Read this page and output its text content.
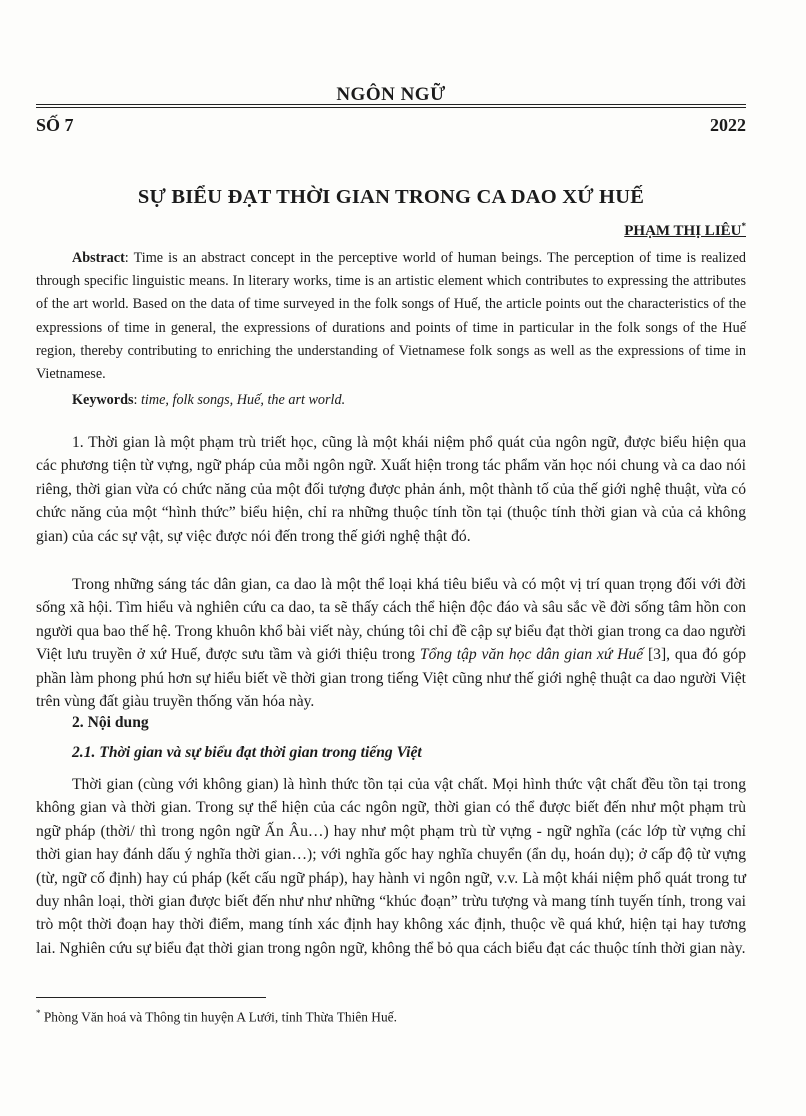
NGÔN NGỮ
SỐ 7	2022
SỰ BIỂU ĐẠT THỜI GIAN TRONG CA DAO XỨ HUẾ
PHẠM THỊ LIÊU*

Abstract: Time is an abstract concept in the perceptive world of human beings. The perception of time is realized through specific linguistic means. In literary works, time is an artistic element which contributes to expressing the attributes of the art world. Based on the data of time surveyed in the folk songs of Huế, the article points out the characteristics of the expressions of time in general, the expressions of durations and points of time in particular in the folk songs of the Huế region, thereby contributing to enriching the understanding of Vietnamese folk songs as well as the expressions of time in Vietnamese.

Keywords: time, folk songs, Huế, the art world.

1. Thời gian là một phạm trù triết học, cũng là một khái niệm phổ quát của ngôn ngữ, được biểu hiện qua các phương tiện từ vựng, ngữ pháp của mỗi ngôn ngữ. Xuất hiện trong tác phẩm văn học nói chung và ca dao nói riêng, thời gian vừa có chức năng của một đối tượng được phản ánh, một thành tố của thế giới nghệ thuật, vừa có chức năng của một “hình thức” biểu hiện, chỉ ra những thuộc tính tồn tại (thuộc tính thời gian và của cả không gian) của các sự vật, sự việc được nói đến trong thế giới nghệ thật đó.

Trong những sáng tác dân gian, ca dao là một thể loại khá tiêu biểu và có một vị trí quan trọng đối với đời sống xã hội. Tìm hiểu và nghiên cứu ca dao, ta sẽ thấy cách thể hiện độc đáo và sâu sắc về đời sống tâm hồn con người qua bao thế hệ. Trong khuôn khổ bài viết này, chúng tôi chỉ đề cập sự biểu đạt thời gian trong ca dao người Việt lưu truyền ở xứ Huế, được sưu tầm và giới thiệu trong Tổng tập văn học dân gian xứ Huế [3], qua đó góp phần làm phong phú hơn sự hiểu biết về thời gian trong tiếng Việt cũng như thế giới nghệ thuật ca dao người Việt trên vùng đất giàu truyền thống văn hóa này.

2. Nội dung

2.1. Thời gian và sự biểu đạt thời gian trong tiếng Việt

Thời gian (cùng với không gian) là hình thức tồn tại của vật chất. Mọi hình thức vật chất đều tồn tại trong không gian và thời gian. Trong sự thể hiện của các ngôn ngữ, thời gian có thể được biết đến như một phạm trù ngữ pháp (thời/ thì trong ngôn ngữ Ấn Âu…) hay như một phạm trù từ vựng - ngữ nghĩa (các lớp từ vựng chỉ thời gian hay đánh dấu ý nghĩa thời gian…); với nghĩa gốc hay nghĩa chuyển (ẩn dụ, hoán dụ); ở cấp độ từ vựng (từ, ngữ cố định) hay cú pháp (kết cấu ngữ pháp), hay hành vi ngôn ngữ, v.v. Là một khái niệm phổ quát trong tư duy nhân loại, thời gian được biết đến như như những “khúc đoạn” trừu tượng và mang tính tuyến tính, trong vai trò một thời đoạn hay thời điểm, mang tính xác định hay không xác định, thuộc về quá khứ, hiện tại hay tương lai. Nghiên cứu sự biểu đạt thời gian trong ngôn ngữ, không thể bỏ qua cách biểu đạt các thuộc tính thời gian này.

* Phòng Văn hoá và Thông tin huyện A Lưới, tỉnh Thừa Thiên Huế.
